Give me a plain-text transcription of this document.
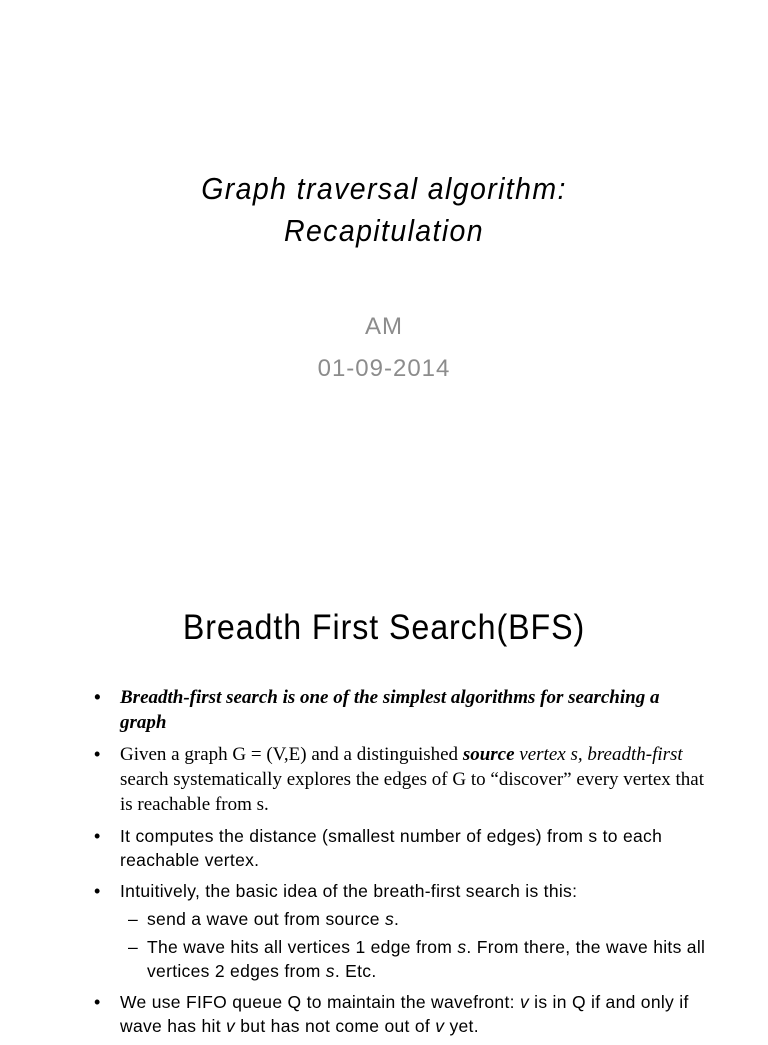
Graph traversal algorithm:
Recapitulation
AM
01-09-2014
Breadth First Search(BFS)
• Breadth-first search is one of the simplest algorithms for searching a graph
• Given a graph G = (V,E) and a distinguished source vertex s, breadth-first search systematically explores the edges of G to “discover” every vertex that is reachable from s.
• It computes the distance (smallest number of edges) from s to each reachable vertex.
• Intuitively, the basic idea of the breath-first search is this:
– send a wave out from source s.
– The wave hits all vertices 1 edge from s. From there, the wave hits all vertices 2 edges from s. Etc.
• We use FIFO queue Q to maintain the wavefront: v is in Q if and only if wave has hit v but has not come out of v yet.
